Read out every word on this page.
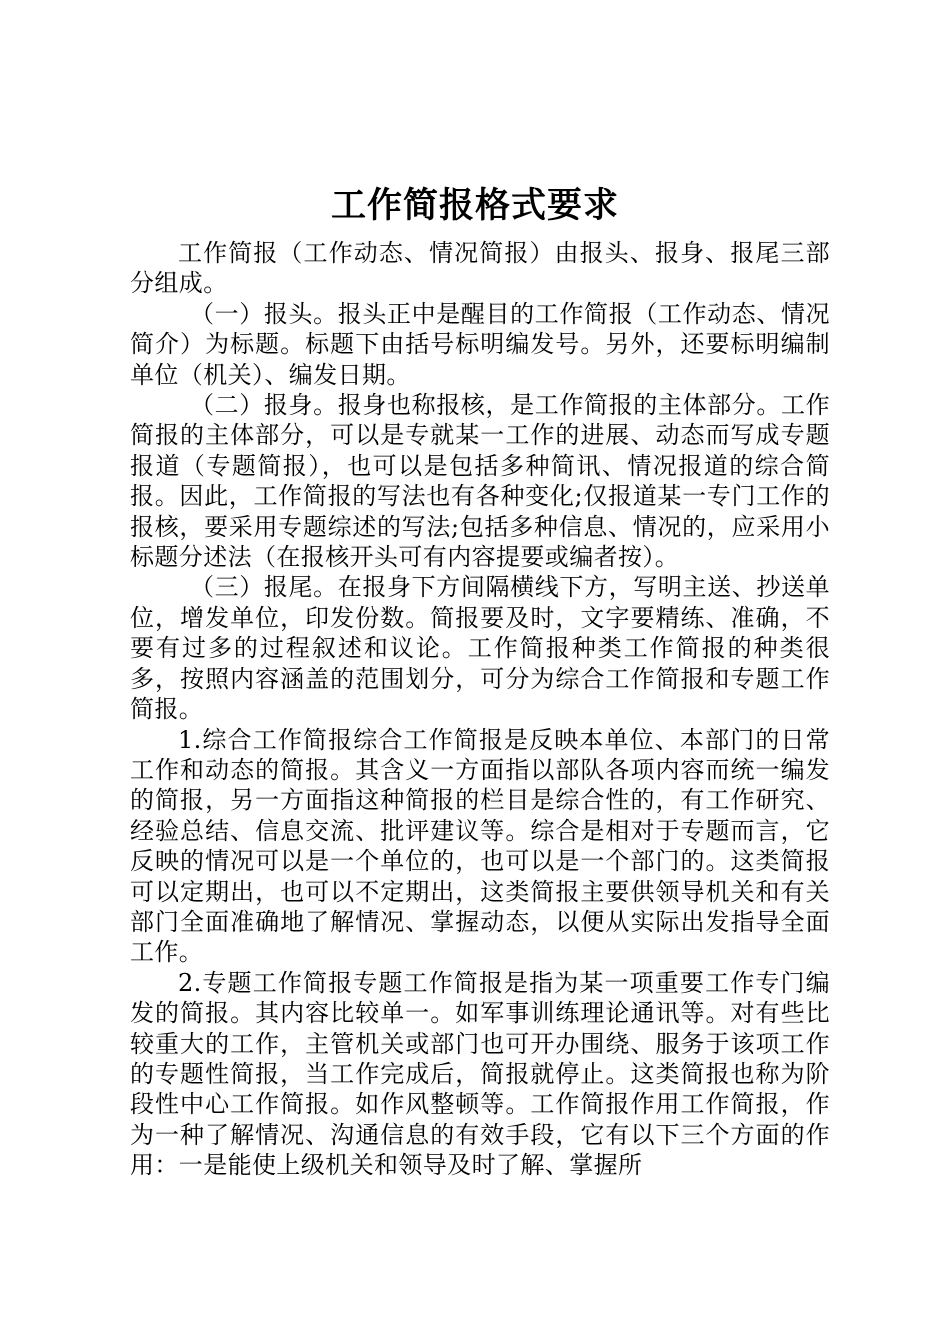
工作简报格式要求

工作简报（工作动态、情况简报）由报头、报身、报尾三部分组成。

（一）报头。报头正中是醒目的工作简报（工作动态、情况简介）为标题。标题下由括号标明编发号。另外，还要标明编制单位（机关）、编发日期。

（二）报身。报身也称报核，是工作简报的主体部分。工作简报的主体部分，可以是专就某一工作的进展、动态而写成专题报道（专题简报），也可以是包括多种简讯、情况报道的综合简报。因此，工作简报的写法也有各种变化;仅报道某一专门工作的报核，要采用专题综述的写法;包括多种信息、情况的，应采用小标题分述法（在报核开头可有内容提要或编者按）。

（三）报尾。在报身下方间隔横线下方，写明主送、抄送单位，增发单位，印发份数。简报要及时，文字要精练、准确，不要有过多的过程叙述和议论。工作简报种类工作简报的种类很多，按照内容涵盖的范围划分，可分为综合工作简报和专题工作简报。

1.综合工作简报综合工作简报是反映本单位、本部门的日常工作和动态的简报。其含义一方面指以部队各项内容而统一编发的简报，另一方面指这种简报的栏目是综合性的，有工作研究、经验总结、信息交流、批评建议等。综合是相对于专题而言，它反映的情况可以是一个单位的，也可以是一个部门的。这类简报可以定期出，也可以不定期出，这类简报主要供领导机关和有关部门全面准确地了解情况、掌握动态，以便从实际出发指导全面工作。

2.专题工作简报专题工作简报是指为某一项重要工作专门编发的简报。其内容比较单一。如军事训练理论通讯等。对有些比较重大的工作，主管机关或部门也可开办围绕、服务于该项工作的专题性简报，当工作完成后，简报就停止。这类简报也称为阶段性中心工作简报。如作风整顿等。工作简报作用工作简报，作为一种了解情况、沟通信息的有效手段，它有以下三个方面的作用：一是能使上级机关和领导及时了解、掌握所
